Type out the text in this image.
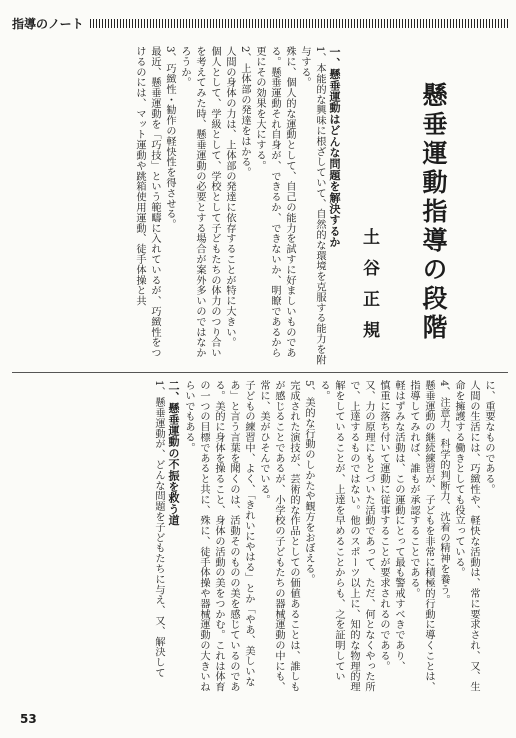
指導のノート
懸垂運動指導の段階
土谷正規

一、懸垂運動はどんな問題を解決するか

1、本能的な興味に根ざしていて、自然的な環境を克服する能力を附与する。

殊に、個人的な運動として、自己の能力を試すに好ましいものである。懸垂運動それ自身が、できるか、できないか、明瞭であるから更にその効果を大にする。

2、上体部の発達をはかる。

人間の身体の力は、上体部の発達に依存することが特に大きい。

個人として、学級として、学校として子どもたちの体力のつり合いを考えてみた時、懸垂運動の必要とする場合が案外多いのではなかろうか。

3、巧緻性・勧作の軽快性を得させる。

最近、懸垂運動を「巧技」という範疇に入れているが、巧緻性をつけるのには、マット運動や跳箱使用運動、徒手体操と共

に、重要なものである。

人間の生活には、巧緻性や、軽快な活動は、常に要求され、又、生命を擁護する働きとしても役立っている。

4、注意力、科学的判断力、沈着の精神を養う。

懸垂運動の継続練習が、子どもを非常に積極的行動に導くことは、指導してみれば、誰もが承認することである。

軽はずみな活動は、この運動にとって最も警戒すべきであり、

慎重に落ち付いて運動に従事することが要求されるのである。

又、力の原理にもとづいた活動であって、ただ、何となくやった所で、上達するものではない。他のスポーツ以上に、知的な物理的理解をしていることが、上達を早めることからも、之を証明している。

5、美的な行動のしかたや観方をおぼえる。

完成された演技が、芸術的な作品としての価値あることは、誰しもが感じることであるが、小学校の子どもたちの器械運動の中にも、常に、美がひそんでいる。

子どもの練習中、よく、「きれいにやはる」とか「やあ、美しいなあ」と言う言葉を聞くのは、活動そのものの美を感じているのである。美的に身体を操ること、身体の活動の美をつかむ。これは体育の一つの目標であると共に、殊に、徒手体操や器械運動の大きいねらいでもある。

二、懸垂運動の不振を救う道

1、懸垂運動が、どんな問題を子どもたちに与え、又、解決して

53
